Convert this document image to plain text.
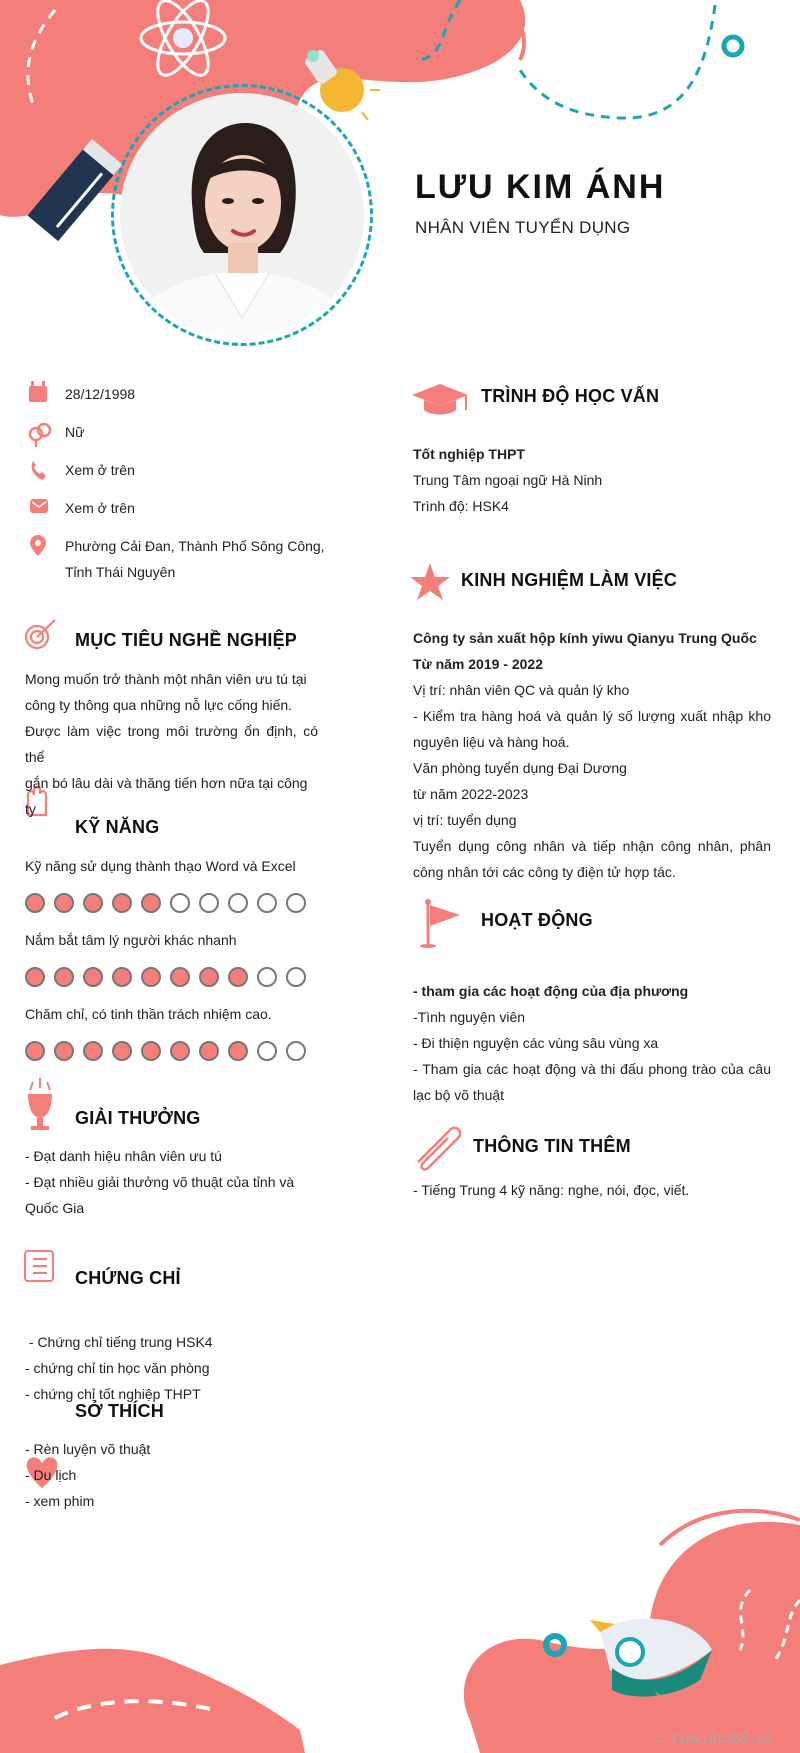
LƯU KIM ÁNH
NHÂN VIÊN TUYỂN DỤNG
28/12/1998
Nữ
Xem ở trên
Xem ở trên
Phường Cải Đan, Thành Phố Sông Công,
Tỉnh Thái Nguyên
MỤC TIÊU NGHỀ NGHIỆP
Mong muốn trở thành một nhân viên ưu tú tại
công ty thông qua những nỗ lực cống hiến.
Được làm việc trong môi trường ổn định, có thể
gắn bó lâu dài và thăng tiến hơn nữa tại công
ty
KỸ NĂNG
Kỹ năng sử dụng thành thạo Word và Excel
Nắm bắt tâm lý người khác nhanh
Chăm chỉ, có tinh thần trách nhiệm cao.
GIẢI THƯỞNG
- Đạt danh hiệu nhân viên ưu tú
- Đạt nhiều giải thưởng võ thuật của tỉnh và
Quốc Gia
CHỨNG CHỈ

- Chứng chỉ tiếng trung HSK4
- chứng chỉ tin học văn phòng
- chứng chỉ tốt nghiệp THPT
SỞ THÍCH
- Rèn luyện võ thuật
- Du lịch
- xem phim
TRÌNH ĐỘ HỌC VẤN
Tốt nghiệp THPT
Trung Tâm ngoại ngữ Hà Ninh
Trình độ: HSK4
KINH NGHIỆM LÀM VIỆC
Công ty sản xuất hộp kính yiwu Qianyu Trung Quốc
Từ năm 2019 - 2022
Vị trí: nhân viên QC và quản lý kho
- Kiểm tra hàng hoá và quản lý số lượng xuất nhập kho
nguyên liệu và hàng hoá.
Văn phòng tuyển dụng Đại Dương
từ năm 2022-2023
vị trí: tuyển dụng
Tuyển dụng công nhân và tiếp nhận công nhân, phân
công nhân tới các công ty điện tử hợp tác.
HOẠT ĐỘNG
- tham gia các hoạt động của địa phương
-Tình nguyện viên
- Đi thiện nguyện các vùng sâu vùng xa
- Tham gia các hoạt động và thi đấu phong trào của câu
lạc bộ võ thuật
THÔNG TIN THÊM
- Tiếng Trung 4 kỹ năng: nghe, nói, đọc, viết.
∴ Timviec365.vn
